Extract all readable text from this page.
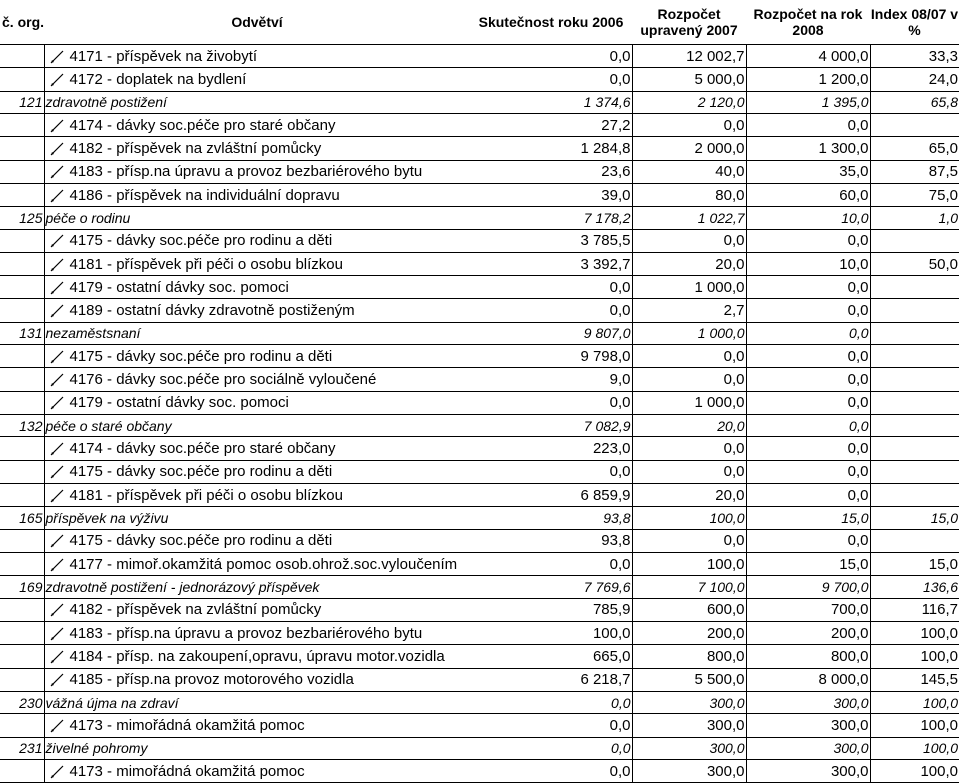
č. org.	Odvětví	Skutečnost roku 2006	Rozpočet upravený 2007	Rozpočet na rok 2008	Index 08/07 v %

4171 - příspěvek na živobytí	0,0	12 002,7	4 000,0	33,3

4172 - doplatek na bydlení	0,0	5 000,0	1 200,0	24,0
121	zdravotně postižení	1 374,6	2 120,0	1 395,0	65,8

4174 - dávky soc.péče pro staré občany	27,2	0,0	0,0	

4182 - příspěvek na zvláštní pomůcky	1 284,8	2 000,0	1 300,0	65,0

4183 - přísp.na úpravu a provoz bezbariérového bytu	23,6	40,0	35,0	87,5

4186 - příspěvek na individuální dopravu	39,0	80,0	60,0	75,0
125	péče o rodinu	7 178,2	1 022,7	10,0	1,0

4175 - dávky soc.péče pro rodinu a děti	3 785,5	0,0	0,0	

4181 - příspěvek při péči o osobu blízkou	3 392,7	20,0	10,0	50,0

4179 - ostatní dávky soc. pomoci	0,0	1 000,0	0,0	

4189 - ostatní dávky zdravotně postiženým	0,0	2,7	0,0	
131	nezaměstsnaní	9 807,0	1 000,0	0,0	

4175 - dávky soc.péče pro rodinu a děti	9 798,0	0,0	0,0	

4176 - dávky soc.péče pro sociálně vyloučené	9,0	0,0	0,0	

4179 - ostatní dávky soc. pomoci	0,0	1 000,0	0,0	
132	péče o staré občany	7 082,9	20,0	0,0	

4174 - dávky soc.péče pro staré občany	223,0	0,0	0,0	

4175 - dávky soc.péče pro rodinu a děti	0,0	0,0	0,0	

4181 - příspěvek při péči o osobu blízkou	6 859,9	20,0	0,0	
165	příspěvek na výživu	93,8	100,0	15,0	15,0

4175 - dávky soc.péče pro rodinu a děti	93,8	0,0	0,0	

4177 - mimoř.okamžitá pomoc osob.ohrož.soc.vyloučením	0,0	100,0	15,0	15,0
169	zdravotně postižení - jednorázový příspěvek	7 769,6	7 100,0	9 700,0	136,6

4182 - příspěvek na zvláštní pomůcky	785,9	600,0	700,0	116,7

4183 - přísp.na úpravu a provoz bezbariérového bytu	100,0	200,0	200,0	100,0

4184 - přísp. na zakoupení,opravu, úpravu motor.vozidla	665,0	800,0	800,0	100,0

4185 - přísp.na provoz motorového vozidla	6 218,7	5 500,0	8 000,0	145,5
230	vážná újma na zdraví	0,0	300,0	300,0	100,0

4173 - mimořádná okamžitá pomoc	0,0	300,0	300,0	100,0
231	živelné pohromy	0,0	300,0	300,0	100,0

4173 - mimořádná okamžitá pomoc	0,0	300,0	300,0	100,0
